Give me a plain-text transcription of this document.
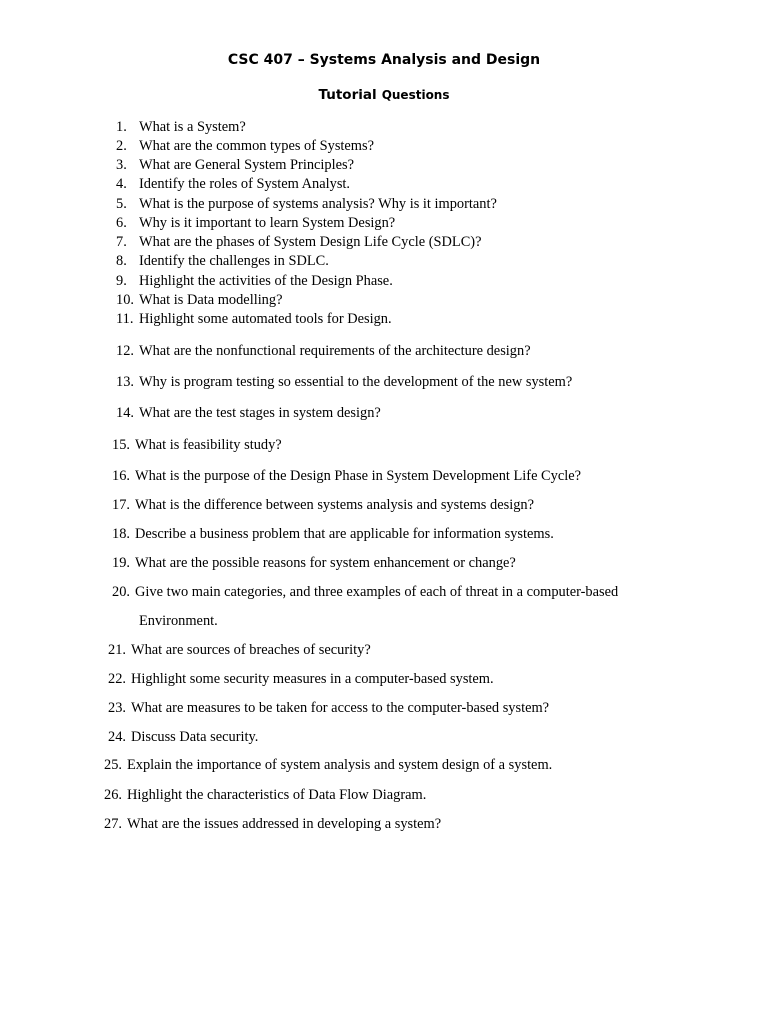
CSC 407 – Systems Analysis and Design
Tutorial Questions
1. What is a System?
2. What are the common types of Systems?
3. What are General System Principles?
4. Identify the roles of System Analyst.
5. What is the purpose of systems analysis? Why is it important?
6. Why is it important to learn System Design?
7. What are the phases of System Design Life Cycle (SDLC)?
8. Identify the challenges in SDLC.
9. Highlight the activities of the Design Phase.
10. What is Data modelling?
11. Highlight some automated tools for Design.
12. What are the nonfunctional requirements of the architecture design?
13. Why is program testing so essential to the development of the new system?
14. What are the test stages in system design?
15. What is feasibility study?
16. What is the purpose of the Design Phase in System Development Life Cycle?
17. What is the difference between systems analysis and systems design?
18. Describe a business problem that are applicable for information systems.
19. What are the possible reasons for system enhancement or change?
20. Give two main categories, and three examples of each of threat in a computer-based
Environment.
21. What are sources of breaches of security?
22. Highlight some security measures in a computer-based system.
23. What are measures to be taken for access to the computer-based system?
24. Discuss Data security.
25. Explain the importance of system analysis and system design of a system.
26. Highlight the characteristics of Data Flow Diagram.
27. What are the issues addressed in developing a system?
